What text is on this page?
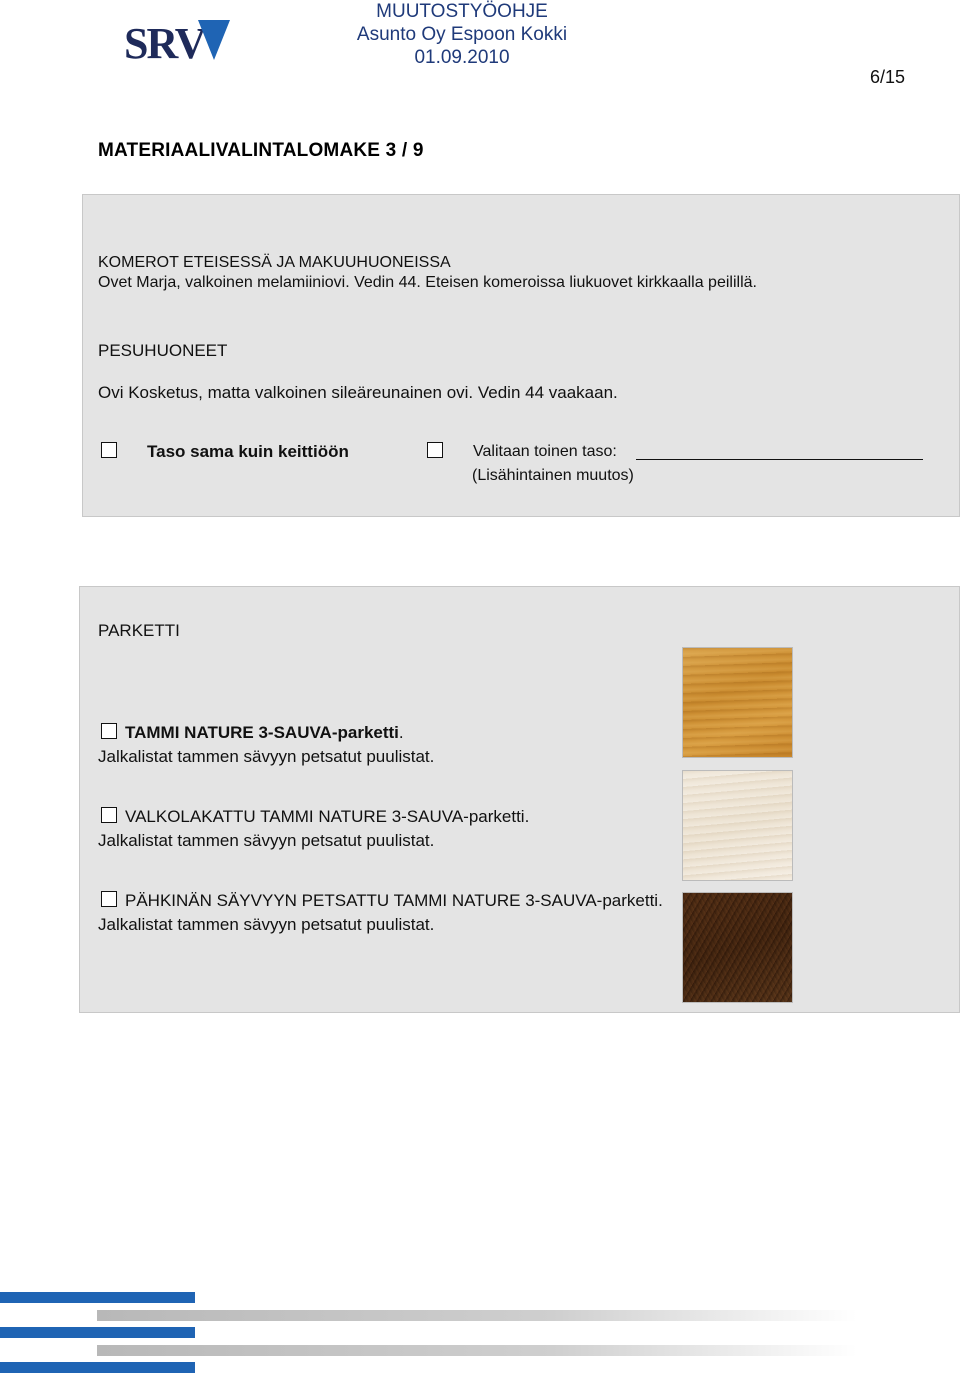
SRV
MUUTOSTYÖOHJE
Asunto Oy Espoon Kokki
01.09.2010
6/15
MATERIAALIVALINTALOMAKE 3 / 9
KOMEROT ETEISESSÄ JA MAKUUHUONEISSA
Ovet Marja, valkoinen melamiiniovi. Vedin 44. Eteisen komeroissa liukuovet kirkkaalla peilillä.
PESUHUONEET
Ovi Kosketus, matta valkoinen sileäreunainen ovi. Vedin 44 vaakaan.
Taso sama kuin keittiöön	Valitaan toinen taso:
(Lisähintainen muutos)
PARKETTI
TAMMI NATURE 3-SAUVA-parketti.
Jalkalistat tammen sävyyn petsatut puulistat.
VALKOLAKATTU TAMMI NATURE 3-SAUVA-parketti.
Jalkalistat tammen sävyyn petsatut puulistat.
PÄHKINÄN SÄYVYYN PETSATTU TAMMI NATURE 3-SAUVA-parketti.
Jalkalistat tammen sävyyn petsatut puulistat.
